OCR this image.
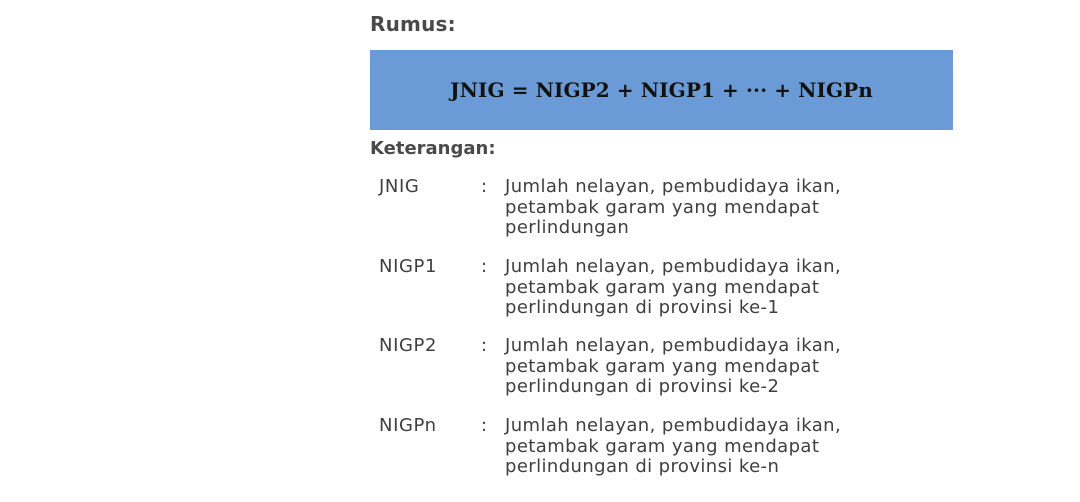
Rumus:
JNIG = NIGP2 + NIGP1 + ··· + NIGPn
Keterangan:
JNIG	: Jumlah nelayan, pembudidaya ikan,
petambak garam yang mendapat
perlindungan
NIGP1 : Jumlah nelayan, pembudidaya ikan,
petambak garam yang mendapat
perlindungan di provinsi ke-1
NIGP2 : Jumlah nelayan, pembudidaya ikan,
petambak garam yang mendapat
perlindungan di provinsi ke-2
NIGPn : Jumlah nelayan, pembudidaya ikan,
petambak garam yang mendapat
perlindungan di provinsi ke-n
